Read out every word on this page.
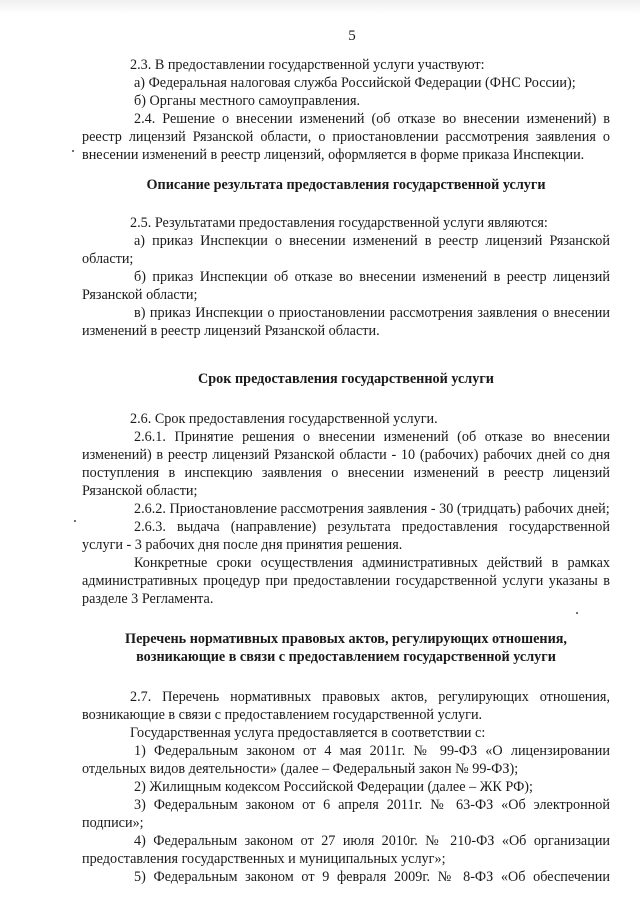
5

2.3. В предоставлении государственной услуги участвуют:

а) Федеральная налоговая служба Российской Федерации (ФНС России);

б) Органы местного самоуправления.

2.4. Решение о внесении изменений (об отказе во внесении изменений) в реестр лицензий Рязанской области, о приостановлении рассмотрения заявления о внесении изменений в реестр лицензий, оформляется в форме приказа Инспекции.

Описание результата предоставления государственной услуги

2.5. Результатами предоставления государственной услуги являются:

а) приказ Инспекции о внесении изменений в реестр лицензий Рязанской области;

б) приказ Инспекции об отказе во внесении изменений в реестр лицензий Рязанской области;

в) приказ Инспекции о приостановлении рассмотрения заявления о внесении изменений в реестр лицензий Рязанской области.

Срок предоставления государственной услуги

2.6. Срок предоставления государственной услуги.

2.6.1. Принятие решения о внесении изменений (об отказе во внесении изменений) в реестр лицензий Рязанской области - 10 (рабочих) рабочих дней со дня поступления в инспекцию заявления о внесении изменений в реестр лицензий Рязанской области;

2.6.2. Приостановление рассмотрения заявления - 30 (тридцать) рабочих дней;

2.6.3. выдача (направление) результата предоставления государственной услуги - 3 рабочих дня после дня принятия решения.

Конкретные сроки осуществления административных действий в рамках административных процедур при предоставлении государственной услуги указаны в разделе 3 Регламента.

Перечень нормативных правовых актов, регулирующих отношения,
возникающие в связи с предоставлением государственной услуги

2.7. Перечень нормативных правовых актов, регулирующих отношения, возникающие в связи с предоставлением государственной услуги.

Государственная услуга предоставляется в соответствии с:

1) Федеральным законом от 4 мая 2011г. № 99-ФЗ «О лицензировании отдельных видов деятельности» (далее – Федеральный закон № 99-ФЗ);

2) Жилищным кодексом Российской Федерации (далее – ЖК РФ);

3) Федеральным законом от 6 апреля 2011г. № 63-ФЗ «Об электронной подписи»;

4) Федеральным законом от 27 июля 2010г. № 210-ФЗ «Об организации предоставления государственных и муниципальных услуг»;

5) Федеральным законом от 9 февраля 2009г. № 8-ФЗ «Об обеспечении
